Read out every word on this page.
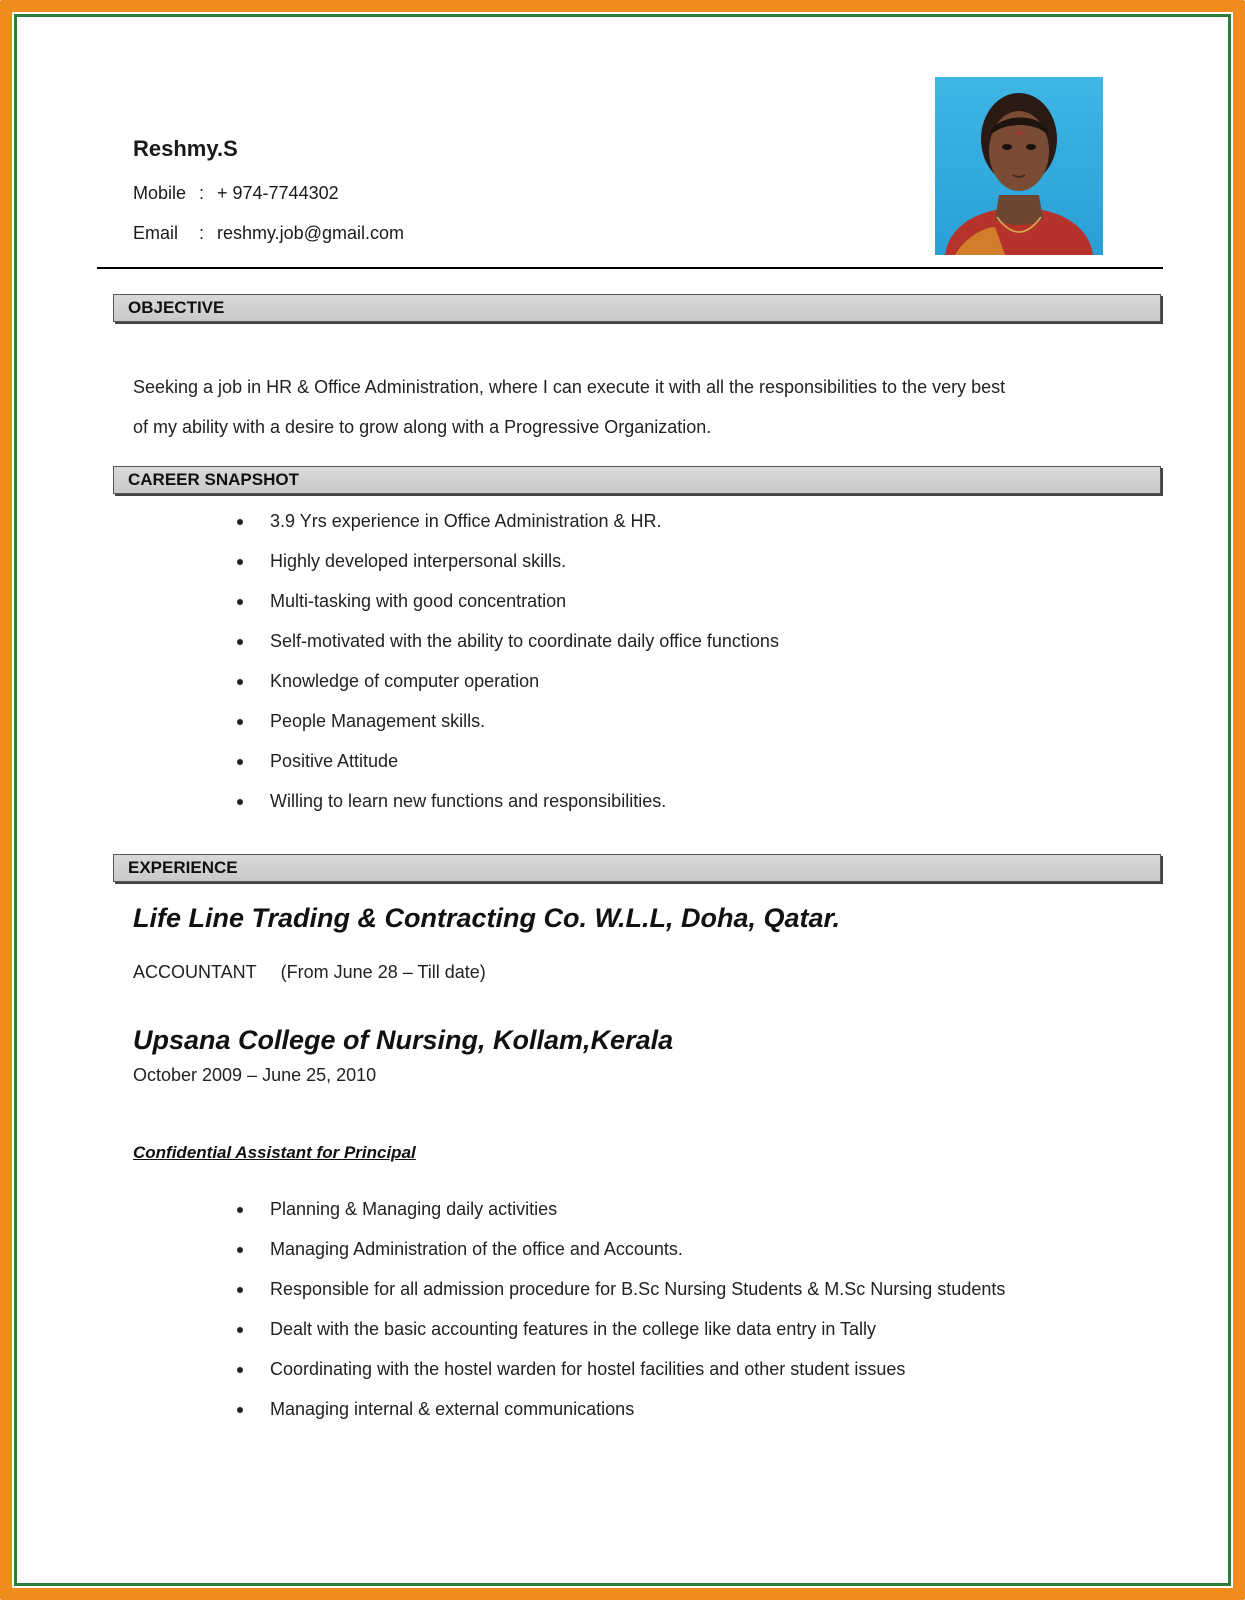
Reshmy.S
Mobile : + 974-7744302
Email : reshmy.job@gmail.com
OBJECTIVE
Seeking a job in HR & Office Administration, where I can execute it with all the responsibilities to the very best
of my ability with a desire to grow along with a Progressive Organization.
CAREER SNAPSHOT
3.9 Yrs experience in Office Administration & HR.
Highly developed interpersonal skills.
Multi-tasking with good concentration
Self-motivated with the ability to coordinate daily office functions
Knowledge of computer operation
People Management skills.
Positive Attitude
Willing to learn new functions and responsibilities.
EXPERIENCE
Life Line Trading & Contracting Co. W.L.L, Doha, Qatar.
ACCOUNTANT (From June 28 – Till date)
Upsana College of Nursing, Kollam,Kerala
October 2009 – June 25, 2010
Confidential Assistant for Principal
Planning & Managing daily activities
Managing Administration of the office and Accounts.
Responsible for all admission procedure for B.Sc Nursing Students & M.Sc Nursing students
Dealt with the basic accounting features in the college like data entry in Tally
Coordinating with the hostel warden for hostel facilities and other student issues
Managing internal & external communications
